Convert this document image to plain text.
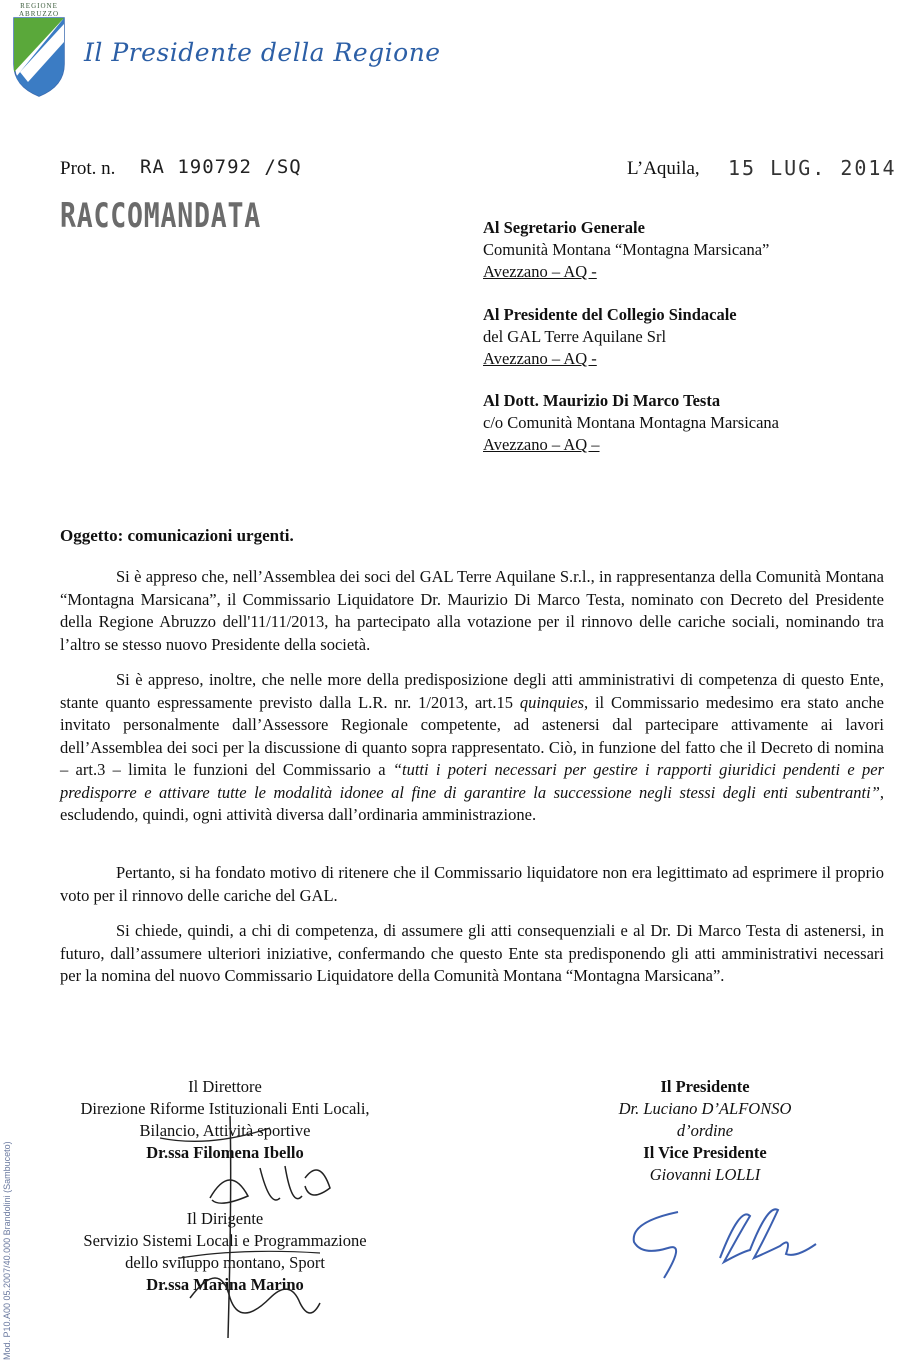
REGIONE
ABRUZZO
Il Presidente della Regione
Prot. n. RA 190792 /SQ	L’Aquila, 15 LUG. 2014
RACCOMANDATA	Al Segretario Generale
Comunità Montana “Montagna Marsicana”
Avezzano – AQ -
Al Presidente del Collegio Sindacale
del GAL Terre Aquilane Srl
Avezzano – AQ -
Al Dott. Maurizio Di Marco Testa
c/o Comunità Montana Montagna Marsicana
Avezzano – AQ –
Oggetto: comunicazioni urgenti.

Si è appreso che, nell’Assemblea dei soci del GAL Terre Aquilane S.r.l., in rappresentanza della Comunità Montana “Montagna Marsicana”, il Commissario Liquidatore Dr. Maurizio Di Marco Testa, nominato con Decreto del Presidente della Regione Abruzzo dell'11/11/2013, ha partecipato alla votazione per il rinnovo delle cariche sociali, nominando tra l’altro se stesso nuovo Presidente della società.

Si è appreso, inoltre, che nelle more della predisposizione degli atti amministrativi di competenza di questo Ente, stante quanto espressamente previsto dalla L.R. nr. 1/2013, art.15 quinquies, il Commissario medesimo era stato anche invitato personalmente dall’Assessore Regionale competente, ad astenersi dal partecipare attivamente ai lavori dell’Assemblea dei soci per la discussione di quanto sopra rappresentato. Ciò, in funzione del fatto che il Decreto di nomina – art.3 – limita le funzioni del Commissario a “tutti i poteri necessari per gestire i rapporti giuridici pendenti e per predisporre e attivare tutte le modalità idonee al fine di garantire la successione negli stessi degli enti subentranti”, escludendo, quindi, ogni attività diversa dall’ordinaria amministrazione.

Pertanto, si ha fondato motivo di ritenere che il Commissario liquidatore non era legittimato ad esprimere il proprio voto per il rinnovo delle cariche del GAL.

Si chiede, quindi, a chi di competenza, di assumere gli atti consequenziali e al Dr. Di Marco Testa di astenersi, in futuro, dall’assumere ulteriori iniziative, confermando che questo Ente sta predisponendo gli atti amministrativi necessari per la nomina del nuovo Commissario Liquidatore della Comunità Montana “Montagna Marsicana”.

Il Direttore
Direzione Riforme Istituzionali Enti Locali,
Bilancio, Attività sportive
Dr.ssa Filomena Ibello
Il Dirigente
Servizio Sistemi Locali e Programmazione
dello sviluppo montano, Sport
Dr.ssa Marina Marino
Il Presidente
Dr. Luciano D’ALFONSO
d’ordine
Il Vice Presidente
Giovanni LOLLI
Mod. P10.A00 05.2007/40.000 Brandolini (Sambuceto)
